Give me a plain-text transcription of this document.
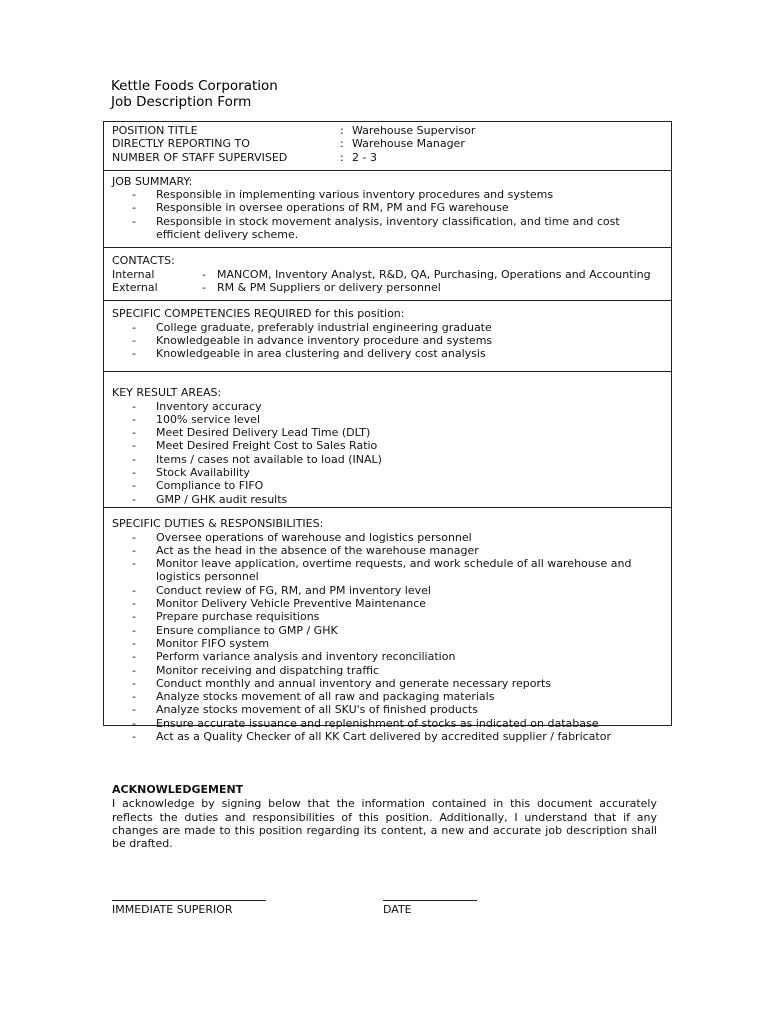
Kettle Foods Corporation
Job Description Form
POSITION TITLE	: Warehouse Supervisor
DIRECTLY REPORTING TO	: Warehouse Manager
NUMBER OF STAFF SUPERVISED	: 2 - 3
JOB SUMMARY:
-	Responsible in implementing various inventory procedures and systems
-	Responsible in oversee operations of RM, PM and FG warehouse
-	Responsible in stock movement analysis, inventory classification, and time and cost efficient delivery scheme.
CONTACTS:
Internal	-	MANCOM, Inventory Analyst, R&D, QA, Purchasing, Operations and Accounting
External	-	RM & PM Suppliers or delivery personnel
SPECIFIC COMPETENCIES REQUIRED for this position:
-	College graduate, preferably industrial engineering graduate
-	Knowledgeable in advance inventory procedure and systems
-	Knowledgeable in area clustering and delivery cost analysis
KEY RESULT AREAS:
-	Inventory accuracy
-	100% service level
-	Meet Desired Delivery Lead Time (DLT)
-	Meet Desired Freight Cost to Sales Ratio
-	Items / cases not available to load (INAL)
-	Stock Availability
-	Compliance to FIFO
-	GMP / GHK audit results
SPECIFIC DUTIES & RESPONSIBILITIES:
-	Oversee operations of warehouse and logistics personnel
-	Act as the head in the absence of the warehouse manager
-	Monitor leave application, overtime requests, and work schedule of all warehouse and logistics personnel
-	Conduct review of FG, RM, and PM inventory level
-	Monitor Delivery Vehicle Preventive Maintenance
-	Prepare purchase requisitions
-	Ensure compliance to GMP / GHK
-	Monitor FIFO system
-	Perform variance analysis and inventory reconciliation
-	Monitor receiving and dispatching traffic
-	Conduct monthly and annual inventory and generate necessary reports
-	Analyze stocks movement of all raw and packaging materials
-	Analyze stocks movement of all SKU's of finished products
-	Ensure accurate issuance and replenishment of stocks as indicated on database
-	Act as a Quality Checker of all KK Cart delivered by accredited supplier / fabricator
ACKNOWLEDGEMENT
I acknowledge by signing below that the information contained in this document accurately reflects the duties and responsibilities of this position. Additionally, I understand that if any changes are made to this position regarding its content, a new and accurate job description shall be drafted.
IMMEDIATE SUPERIOR	DATE
